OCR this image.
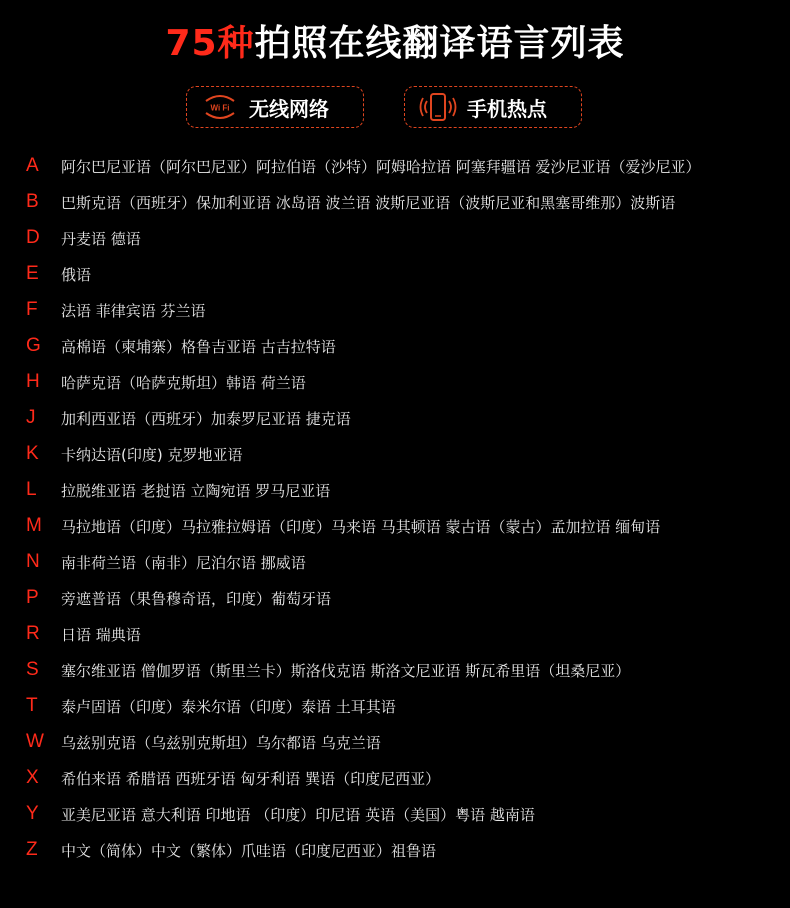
75种拍照在线翻译语言列表
Wi Fi 无线网络	手机热点
A	阿尔巴尼亚语（阿尔巴尼亚）阿拉伯语（沙特）阿姆哈拉语 阿塞拜疆语 爱沙尼亚语（爱沙尼亚）
B	巴斯克语（西班牙）保加利亚语 冰岛语 波兰语 波斯尼亚语（波斯尼亚和黑塞哥维那）波斯语
D	丹麦语 德语
E	俄语
F	法语 菲律宾语 芬兰语
G	高棉语（柬埔寨）格鲁吉亚语 古吉拉特语
H	哈萨克语（哈萨克斯坦）韩语 荷兰语
J	加利西亚语（西班牙）加泰罗尼亚语 捷克语
K	卡纳达语(印度) 克罗地亚语
L	拉脱维亚语 老挝语 立陶宛语 罗马尼亚语
M	马拉地语（印度）马拉雅拉姆语（印度）马来语 马其顿语 蒙古语（蒙古）孟加拉语 缅甸语
N	南非荷兰语（南非）尼泊尔语 挪威语
P	旁遮普语（果鲁穆奇语，印度）葡萄牙语
R	日语 瑞典语
S	塞尔维亚语 僧伽罗语（斯里兰卡）斯洛伐克语 斯洛文尼亚语 斯瓦希里语（坦桑尼亚）
T	泰卢固语（印度）泰米尔语（印度）泰语 土耳其语
W	乌兹别克语（乌兹别克斯坦）乌尔都语 乌克兰语
X	希伯来语 希腊语 西班牙语 匈牙利语 巽语（印度尼西亚）
Y	亚美尼亚语 意大利语 印地语 （印度）印尼语 英语（美国）粤语 越南语
Z	中文（简体）中文（繁体）爪哇语（印度尼西亚）祖鲁语
